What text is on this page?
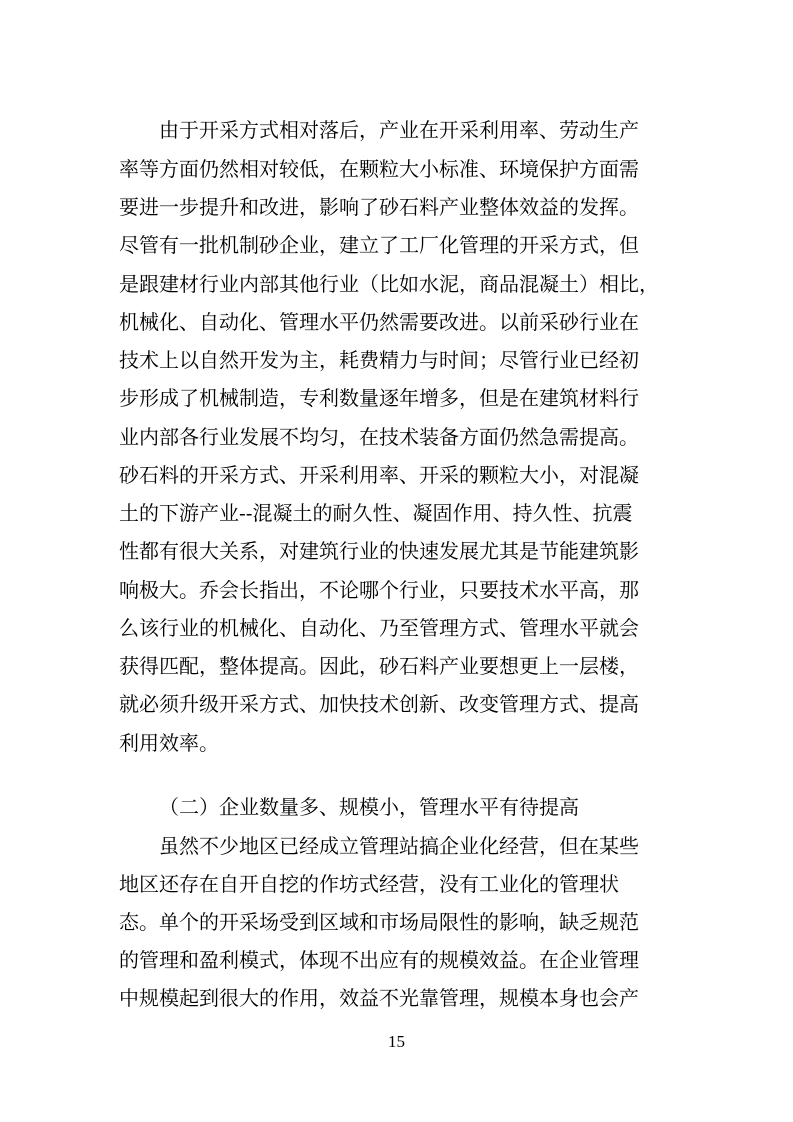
由于开采方式相对落后，产业在开采利用率、劳动生产
率等方面仍然相对较低，在颗粒大小标准、环境保护方面需
要进一步提升和改进，影响了砂石料产业整体效益的发挥。
尽管有一批机制砂企业，建立了工厂化管理的开采方式，但
是跟建材行业内部其他行业（比如水泥，商品混凝土）相比，
机械化、自动化、管理水平仍然需要改进。以前采砂行业在
技术上以自然开发为主，耗费精力与时间；尽管行业已经初
步形成了机械制造，专利数量逐年增多，但是在建筑材料行
业内部各行业发展不均匀，在技术装备方面仍然急需提高。
砂石料的开采方式、开采利用率、开采的颗粒大小，对混凝
土的下游产业--混凝土的耐久性、凝固作用、持久性、抗震
性都有很大关系，对建筑行业的快速发展尤其是节能建筑影
响极大。乔会长指出，不论哪个行业，只要技术水平高，那
么该行业的机械化、自动化、乃至管理方式、管理水平就会
获得匹配，整体提高。因此，砂石料产业要想更上一层楼，
就必须升级开采方式、加快技术创新、改变管理方式、提高
利用效率。
（二）企业数量多、规模小，管理水平有待提高
虽然不少地区已经成立管理站搞企业化经营，但在某些
地区还存在自开自挖的作坊式经营，没有工业化的管理状
态。单个的开采场受到区域和市场局限性的影响，缺乏规范
的管理和盈利模式，体现不出应有的规模效益。在企业管理
中规模起到很大的作用，效益不光靠管理，规模本身也会产
15
